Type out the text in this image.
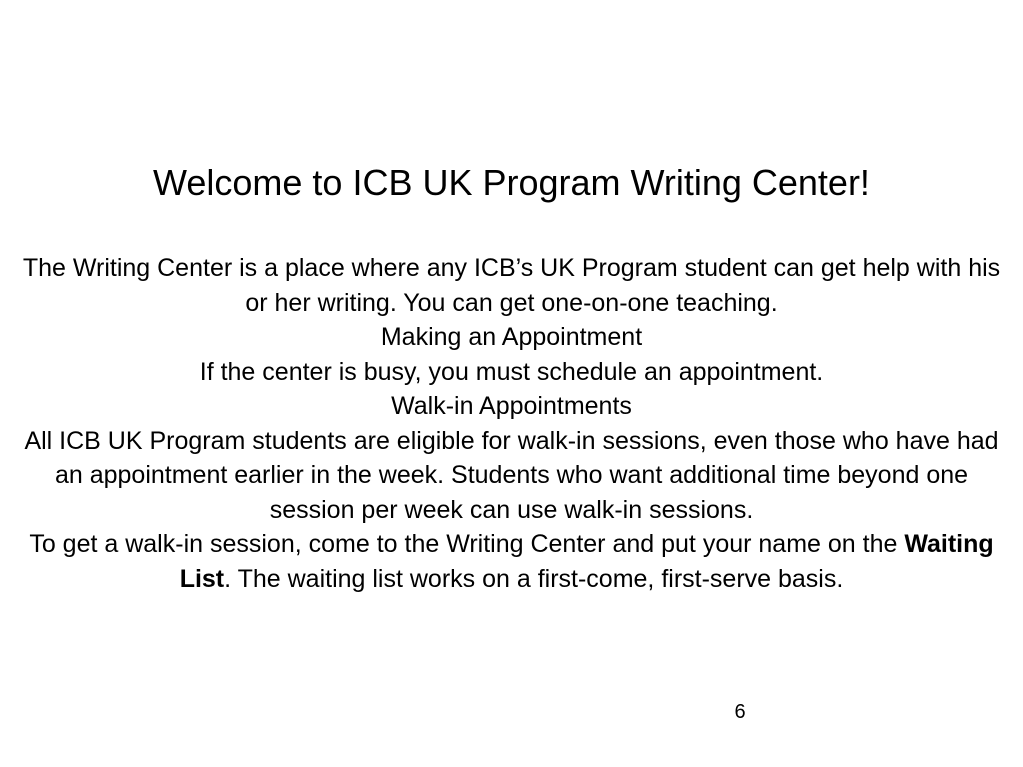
Welcome to ICB UK Program Writing Center!

The Writing Center is a place where any ICB’s UK Program student can get help with his or her writing. You can get one-on-one teaching.

Making an Appointment

If the center is busy, you must schedule an appointment.

Walk-in Appointments

All ICB UK Program students are eligible for walk-in sessions, even those who have had an appointment earlier in the week. Students who want additional time beyond one session per week can use walk-in sessions.

To get a walk-in session, come to the Writing Center and put your name on the Waiting List. The waiting list works on a first-come, first-serve basis.

6
